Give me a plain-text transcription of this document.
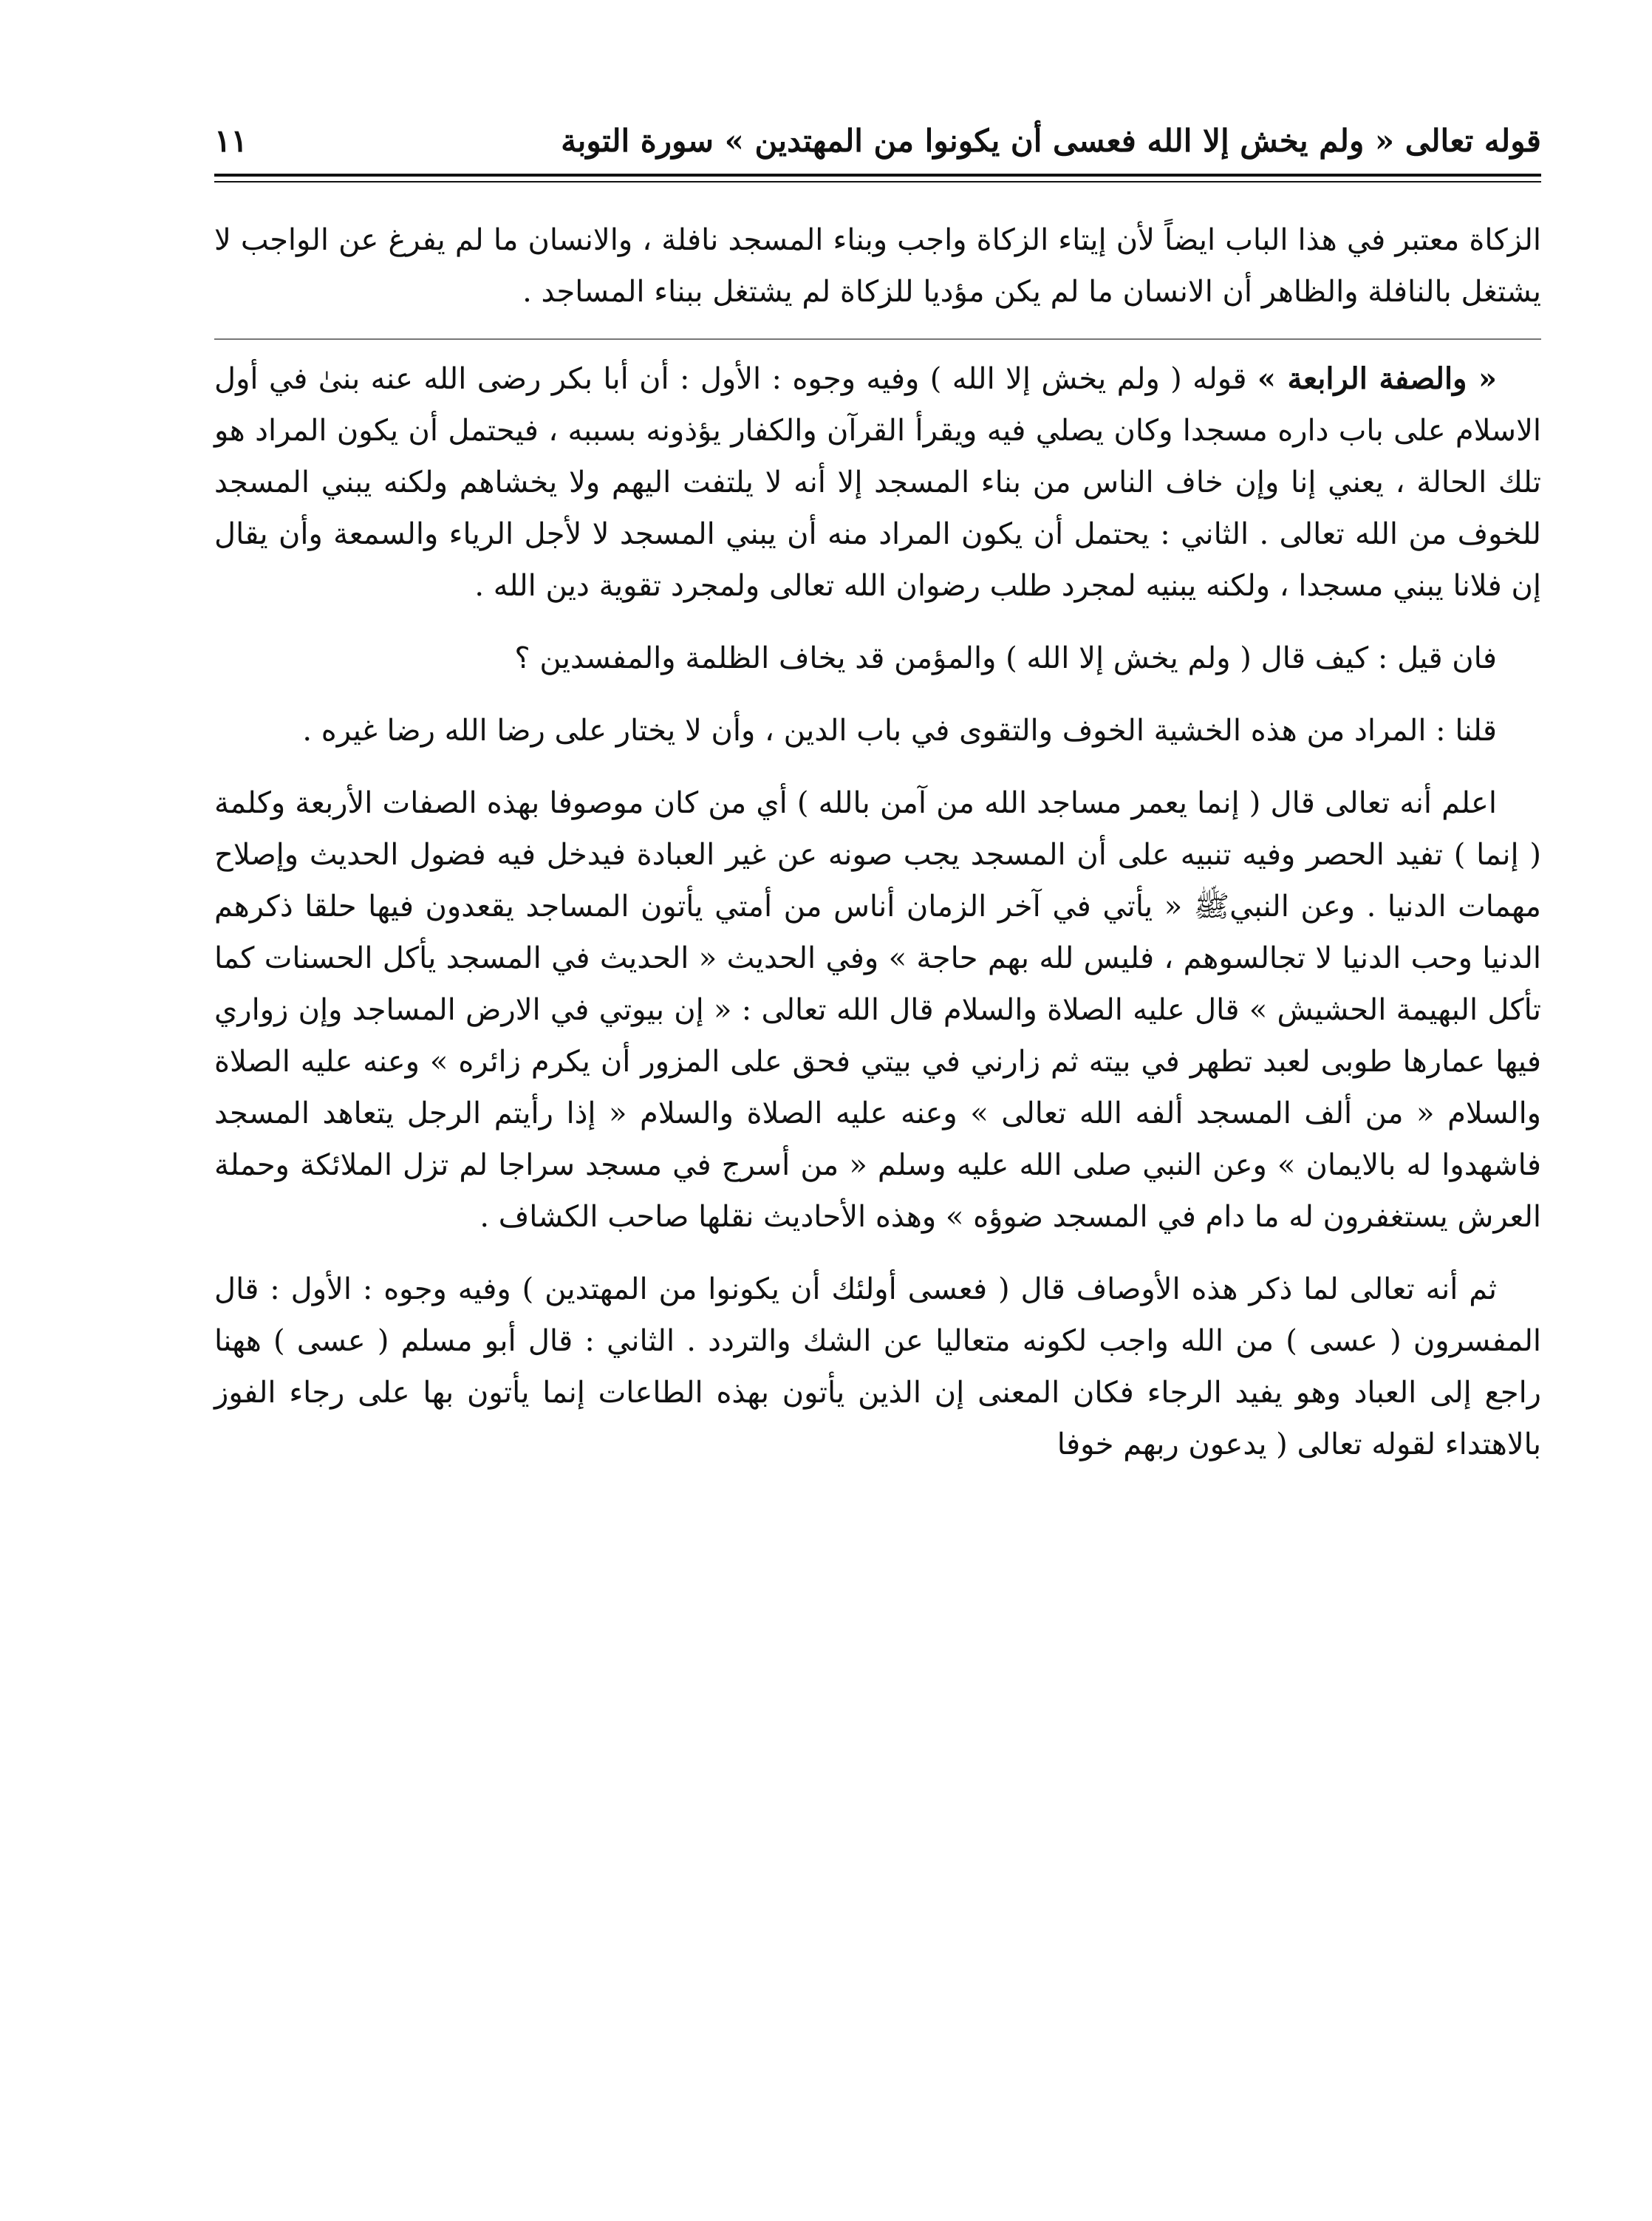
قوله تعالى « ولم يخش إلا الله فعسى أن يكونوا من المهتدين » سورة التوبة
١١

الزكاة معتبر في هذا الباب ايضاً لأن إيتاء الزكاة واجب وبناء المسجد نافلة ، والانسان ما لم يفرغ عن الواجب لا يشتغل بالنافلة والظاهر أن الانسان ما لم يكن مؤديا للزكاة لم يشتغل ببناء المساجد .

« والصفة الرابعة » قوله ( ولم يخش إلا الله ) وفيه وجوه : الأول : أن أبا بكر رضى الله عنه بنىٰ في أول الاسلام على باب داره مسجدا وكان يصلي فيه ويقرأ القرآن والكفار يؤذونه بسببه ، فيحتمل أن يكون المراد هو تلك الحالة ، يعني إنا وإن خاف الناس من بناء المسجد إلا أنه لا يلتفت اليهم ولا يخشاهم ولكنه يبني المسجد للخوف من الله تعالى . الثاني : يحتمل أن يكون المراد منه أن يبني المسجد لا لأجل الرياء والسمعة وأن يقال إن فلانا يبني مسجدا ، ولكنه يبنيه لمجرد طلب رضوان الله تعالى ولمجرد تقوية دين الله .

فان قيل : كيف قال ( ولم يخش إلا الله ) والمؤمن قد يخاف الظلمة والمفسدين ؟

قلنا : المراد من هذه الخشية الخوف والتقوى في باب الدين ، وأن لا يختار على رضا الله رضا غيره .

اعلم أنه تعالى قال ( إنما يعمر مساجد الله من آمن بالله ) أي من كان موصوفا بهذه الصفات الأربعة وكلمة ( إنما ) تفيد الحصر وفيه تنبيه على أن المسجد يجب صونه عن غير العبادة فيدخل فيه فضول الحديث وإصلاح مهمات الدنيا . وعن النبيﷺ « يأتي في آخر الزمان أناس من أمتي يأتون المساجد يقعدون فيها حلقا ذكرهم الدنيا وحب الدنيا لا تجالسوهم ، فليس لله بهم حاجة » وفي الحديث « الحديث في المسجد يأكل الحسنات كما تأكل البهيمة الحشيش » قال عليه الصلاة والسلام قال الله تعالى : « إن بيوتي في الارض المساجد وإن زواري فيها عمارها طوبى لعبد تطهر في بيته ثم زارني في بيتي فحق على المزور أن يكرم زائره » وعنه عليه الصلاة والسلام « من ألف المسجد ألفه الله تعالى » وعنه عليه الصلاة والسلام « إذا رأيتم الرجل يتعاهد المسجد فاشهدوا له بالايمان » وعن النبي صلى الله عليه وسلم « من أسرج في مسجد سراجا لم تزل الملائكة وحملة العرش يستغفرون له ما دام في المسجد ضوؤه » وهذه الأحاديث نقلها صاحب الكشاف .

ثم أنه تعالى لما ذكر هذه الأوصاف قال ( فعسى أولئك أن يكونوا من المهتدين ) وفيه وجوه : الأول : قال المفسرون ( عسى ) من الله واجب لكونه متعاليا عن الشك والتردد . الثاني : قال أبو مسلم ( عسى ) ههنا راجع إلى العباد وهو يفيد الرجاء فكان المعنى إن الذين يأتون بهذه الطاعات إنما يأتون بها على رجاء الفوز بالاهتداء لقوله تعالى ( يدعون ربهم خوفا
